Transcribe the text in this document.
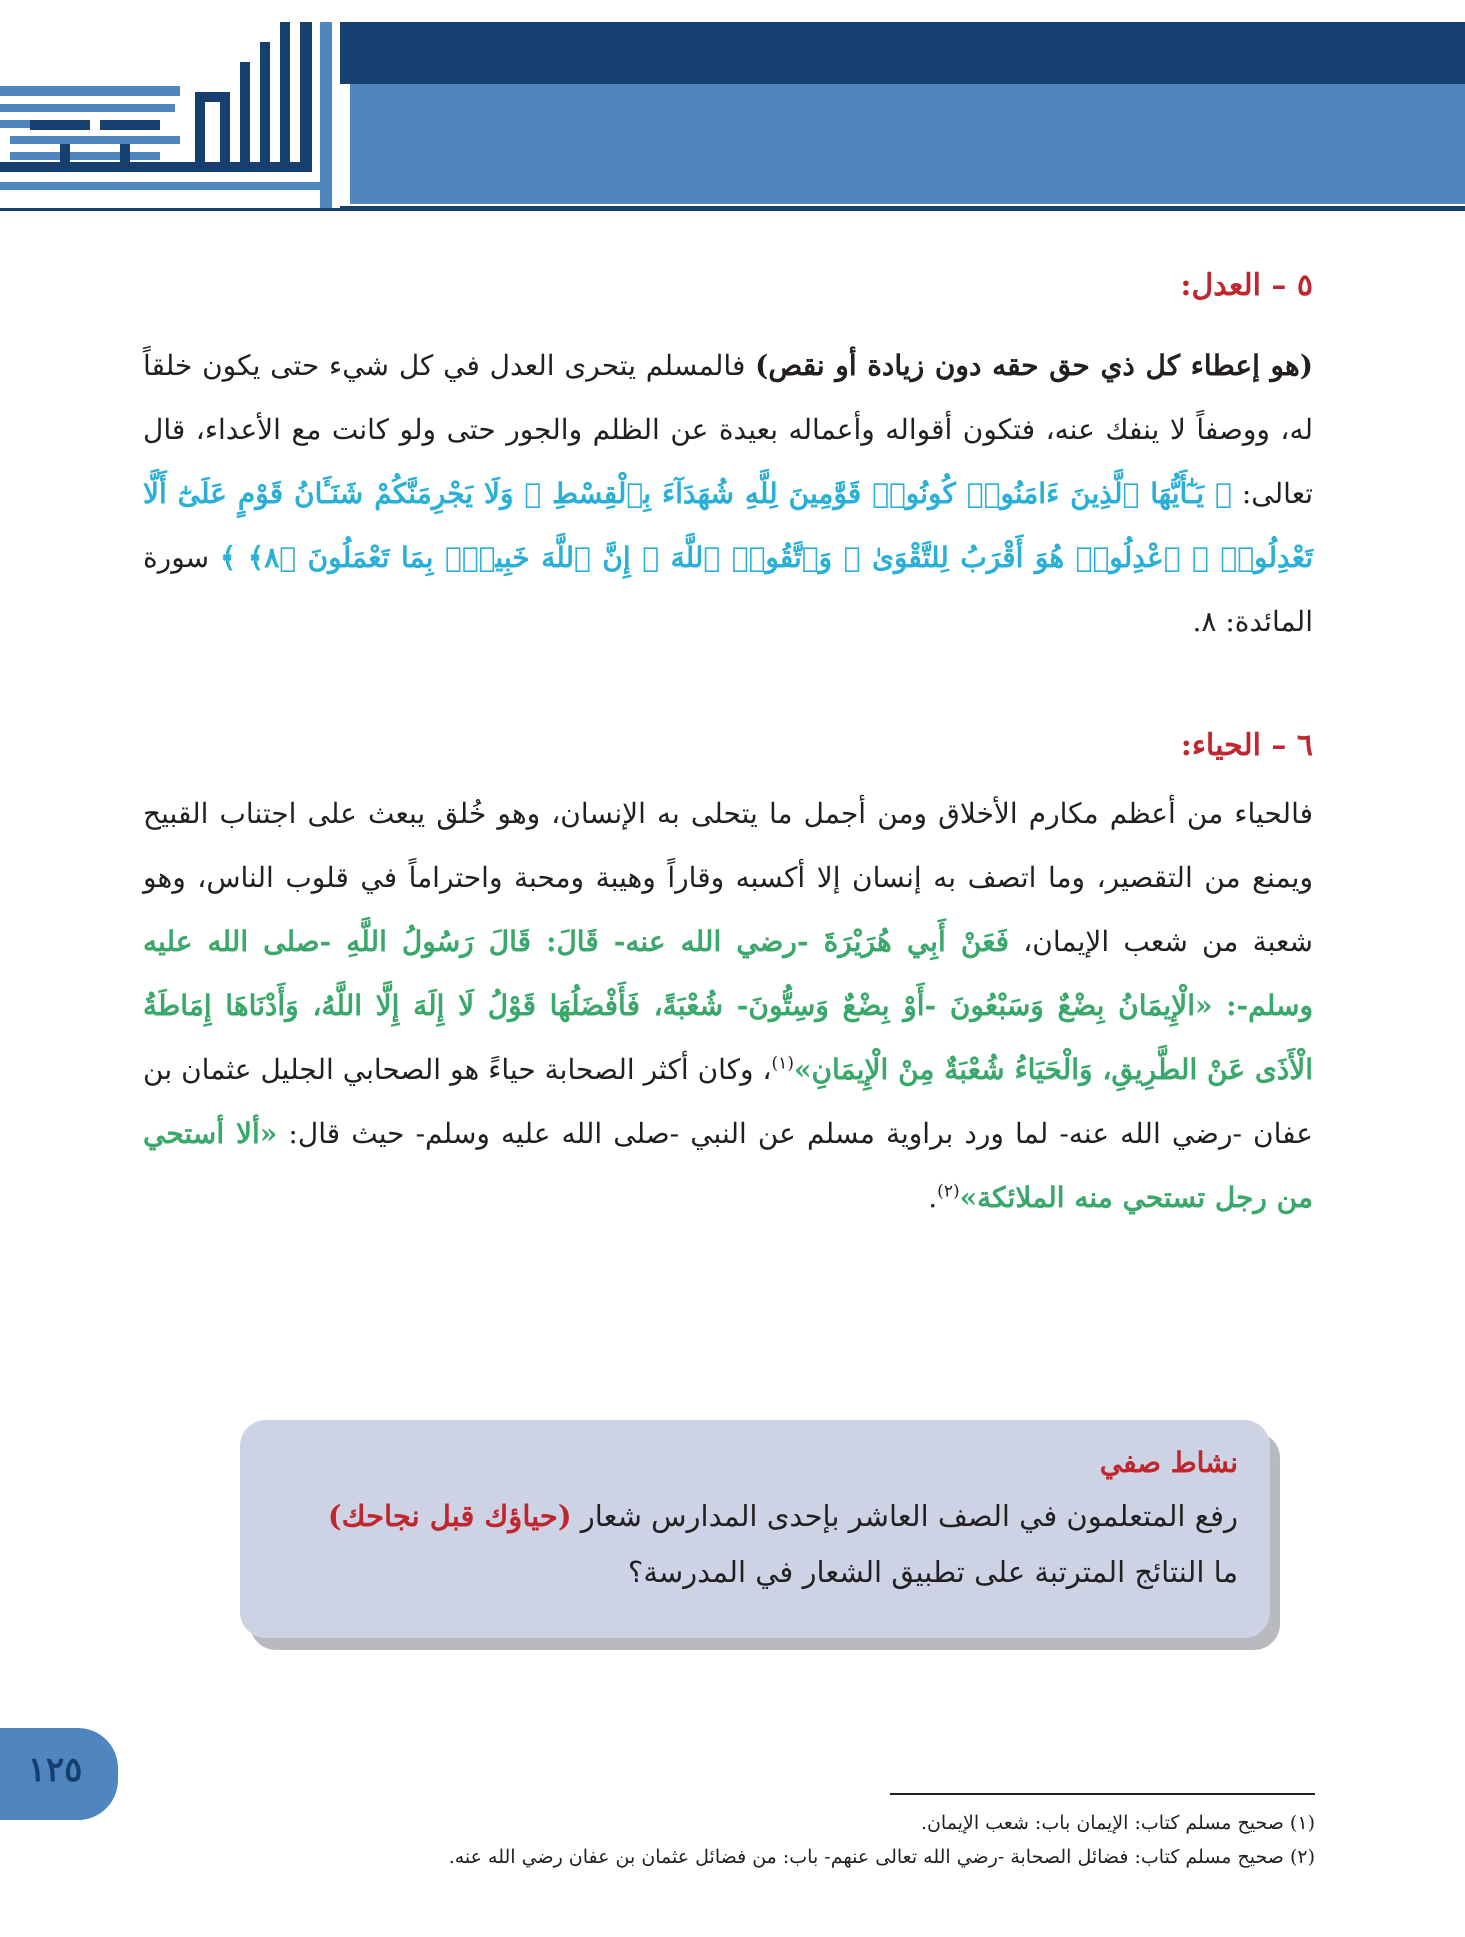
التهذيب
٥ – العدل:
(هو إعطاء كل ذي حق حقه دون زيادة أو نقص) فالمسلم يتحرى العدل في كل شيء حتى يكون خلقاً له، ووصفاً لا ينفك عنه، فتكون أقواله وأعماله بعيدة عن الظلم والجور حتى ولو كانت مع الأعداء، قال تعالى: ﴿ يَـٰٓأَيُّهَا ٱلَّذِينَ ءَامَنُوا۟ كُونُوا۟ قَوَّٰمِينَ لِلَّهِ شُهَدَآءَ بِٱلْقِسْطِ ۖ وَلَا يَجْرِمَنَّكُمْ شَنَـَٔانُ قَوْمٍ عَلَىٰٓ أَلَّا تَعْدِلُوا۟ ۚ ٱعْدِلُوا۟ هُوَ أَقْرَبُ لِلتَّقْوَىٰ ۖ وَٱتَّقُوا۟ ٱللَّهَ ۚ إِنَّ ٱللَّهَ خَبِيرٌۢ بِمَا تَعْمَلُونَ ﴿٨﴾ ﴾ سورة المائدة: ٨.
٦ – الحياء:
فالحياء من أعظم مكارم الأخلاق ومن أجمل ما يتحلى به الإنسان، وهو خُلق يبعث على اجتناب القبيح ويمنع من التقصير، وما اتصف به إنسان إلا أكسبه وقاراً وهيبة ومحبة واحتراماً في قلوب الناس، وهو شعبة من شعب الإيمان، فَعَنْ أَبِي هُرَيْرَةَ -رضي الله عنه- قَالَ: قَالَ رَسُولُ اللَّهِ -صلى الله عليه وسلم-: «الْإِيمَانُ بِضْعٌ وَسَبْعُونَ -أَوْ بِضْعٌ وَسِتُّونَ- شُعْبَةً، فَأَفْضَلُهَا قَوْلُ لَا إِلَهَ إِلَّا اللَّهُ، وَأَدْنَاهَا إِمَاطَةُ الْأَذَى عَنْ الطَّرِيقِ، وَالْحَيَاءُ شُعْبَةٌ مِنْ الْإِيمَانِ»$^{(١)}$، وكان أكثر الصحابة حياءً هو الصحابي الجليل عثمان بن عفان -رضي الله عنه- لما ورد براوية مسلم عن النبي -صلى الله عليه وسلم- حيث قال: «ألا أستحي من رجل تستحي منه الملائكة»$^{(٢)}$.
نشاط صفي
رفع المتعلمون في الصف العاشر بإحدى المدارس شعار (حياؤك قبل نجاحك)
ما النتائج المترتبة على تطبيق الشعار في المدرسة؟
١٢٥
(١) صحيح مسلم كتاب: الإيمان باب: شعب الإيمان.
(٢) صحيح مسلم كتاب: فضائل الصحابة -رضي الله تعالى عنهم- باب: من فضائل عثمان بن عفان رضي الله عنه.
